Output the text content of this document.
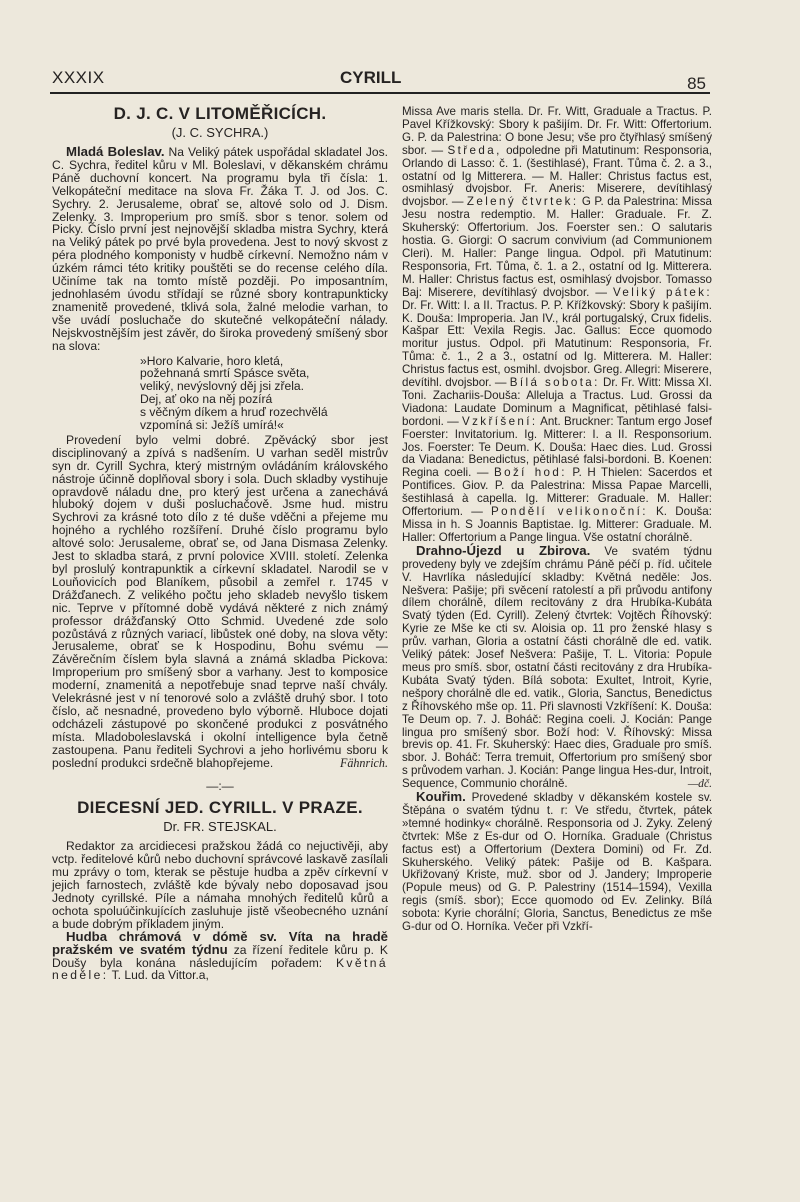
XXXIX	CYRILL	85
D. J. C. V LITOMĚŘICÍCH.
(J. C. SYCHRA.)

Mladá Boleslav. Na Veliký pátek uspořádal skladatel Jos. C. Sychra, ředitel kůru v Ml. Boleslavi, v děkanském chrámu Páně duchovní koncert. Na programu byla tři čísla: 1. Velkopáteční meditace na slova Fr. Žáka T. J. od Jos. C. Sychry. 2. Jerusaleme, obrať se, altové solo od J. Dism. Zelenky. 3. Improperium pro smíš. sbor s tenor. solem od Picky. Číslo první jest nejnovější skladba mistra Sychry, která na Veliký pátek po prvé byla provedena. Jest to nový skvost z péra plodného komponisty v hudbě církevní. Nemožno nám v úzkém rámci této kritiky pouštěti se do recense celého díla. Učiníme tak na tomto místě později. Po imposantním, jednohlasém úvodu střídají se různé sbory kontrapunkticky znamenitě provedené, tklivá sola, žalné melodie varhan, to vše uvádí posluchače do skutečné velkopáteční nálady. Nejskvostnějším jest závěr, do široka provedený smíšený sbor na slova:

»Horo Kalvarie, horo kletá,
požehnaná smrtí Spásce světa,
veliký, nevýslovný děj jsi zřela.
Dej, ať oko na něj pozírá
s věčným díkem a hruď rozechvělá
vzpomíná si: Ježíš umírá!«

Provedení bylo velmi dobré. Zpěvácký sbor jest disciplinovaný a zpívá s nadšením. U varhan seděl mistrův syn dr. Cyrill Sychra, který mistrným ovládáním královského nástroje účinně doplňoval sbory i sola. Duch skladby vystihuje opravdově náladu dne, pro který jest určena a zanechává hluboký dojem v duši posluchačově. Jsme hud. mistru Sychrovi za krásné toto dílo z té duše vděčni a přejeme mu hojného a rychlého rozšíření. Druhé číslo programu bylo altové solo: Jerusaleme, obrať se, od Jana Dismasa Zelenky. Jest to skladba stará, z první polovice XVIII. století. Zelenka byl proslulý kontrapunktik a církevní skladatel. Narodil se v Louňovicích pod Blaníkem, působil a zemřel r. 1745 v Drážďanech. Z velikého počtu jeho skladeb nevyšlo tiskem nic. Teprve v přítomné době vydává některé z nich známý professor drážďanský Otto Schmid. Uvedené zde solo pozůstává z různých variací, libůstek oné doby, na slova věty: Jerusaleme, obrať se k Hospodinu, Bohu svému — Závěrečním číslem byla slavná a známá skladba Pickova: Improperium pro smíšený sbor a varhany. Jest to komposice moderní, znamenitá a nepotřebuje snad teprve naší chvály. Velekrásné jest v ní tenorové solo a zvláště druhý sbor. I toto číslo, ač nesnadné, provedeno bylo výborně. Hluboce dojati odcházeli zástupové po skončené produkci z posvátného místa. Mladoboleslavská i okolní intelligence byla četně zastoupena. Panu řediteli Sychrovi a jeho horlivému sboru k poslední produkci srdečně blahopřejeme.	Fähnrich.

—:—
DIECESNÍ JED. CYRILL. V PRAZE.
Dr. FR. STEJSKAL.

Redaktor za arcidiecesi pražskou žádá co nejuctivěji, aby vctp. ředitelové kůrů nebo duchovní správcové laskavě zasílali mu zprávy o tom, kterak se pěstuje hudba a zpěv církevní v jejich farnostech, zvláště kde bývaly nebo doposavad jsou Jednoty cyrillské. Píle a námaha mnohých ředitelů kůrů a ochota spoluúčinkujících zasluhuje jistě všeobecného uznání a bude dobrým příkladem jiným.

Hudba chrámová v dómě sv. Víta na hradě pražském ve svatém týdnu za řízení ředitele kůru p. K Doušy byla konána následujícím pořadem: Květná neděle: T. Lud. da Vittor.a,

Missa Ave maris stella. Dr. Fr. Witt, Graduale a Tractus. P. Pavel Křížkovský: Sbory k pašijím. Dr. Fr. Witt: Offertorium. G. P. da Palestrina: O bone Jesu; vše pro čtyřhlasý smíšený sbor. — Středa, odpoledne při Matutinum: Responsoria, Orlando di Lasso: č. 1. (šestihlasé), Frant. Tůma č. 2. a 3., ostatní od Ig Mitterera. — M. Haller: Christus factus est, osmihlasý dvojsbor. Fr. Aneris: Miserere, devítihlasý dvojsbor. — Zelený čtvrtek: G P. da Palestrina: Missa Jesu nostra redemptio. M. Haller: Graduale. Fr. Z. Skuherský: Offertorium. Jos. Foerster sen.: O salutaris hostia. G. Giorgi: O sacrum convivium (ad Communionem Cleri). M. Haller: Pange lingua. Odpol. při Matutinum: Responsoria, Frt. Tůma, č. 1. a 2., ostatní od Ig. Mitterera. M. Haller: Christus factus est, osmihlasý dvojsbor. Tomasso Baj: Miserere, devítihlasý dvojsbor. — Veliký pátek: Dr. Fr. Witt: I. a II. Tractus. P. P. Křížkovský: Sbory k pašijím. K. Douša: Improperia. Jan IV., král portugalský, Crux fidelis. Kašpar Ett: Vexila Regis. Jac. Gallus: Ecce quomodo moritur justus. Odpol. při Matutinum: Responsoria, Fr. Tůma: č. 1., 2 a 3., ostatní od Ig. Mitterera. M. Haller: Christus factus est, osmihl. dvojsbor. Greg. Allegri: Miserere, devítihl. dvojsbor. — Bílá sobota: Dr. Fr. Witt: Missa XI. Toni. Zachariis-Douša: Alleluja a Tractus. Lud. Grossi da Viadona: Laudate Dominum a Magnificat, pětihlasé falsi-bordoni. — Vzkříšení: Ant. Bruckner: Tantum ergo Josef Foerster: Invitatorium. Ig. Mitterer: I. a II. Responsorium. Jos. Foerster: Te Deum. K. Douša: Haec dies. Lud. Grossi da Viadana: Benedictus, pětihlasé falsi-bordoni. B. Koenen: Regina coeli. — Boží hod: P. H Thielen: Sacerdos et Pontifices. Giov. P. da Palestrina: Missa Papae Marcelli, šestihlasá à capella. Ig. Mitterer: Graduale. M. Haller: Offertorium. — Pondělí velikonoční: K. Douša: Missa in h. S Joannis Baptistae. Ig. Mitterer: Graduale. M. Haller: Offertorium a Pange lingua. Vše ostatní chorálně.

Drahno-Újezd u Zbirova. Ve svatém týdnu provedeny byly ve zdejším chrámu Páně péčí p. říd. učitele V. Havrlíka následující skladby: Květná neděle: Jos. Nešvera: Pašije; při svěcení ratolestí a při průvodu antifony dílem chorálně, dílem recitovány z dra Hrubíka-Kubáta Svatý týden (Ed. Cyrill). Zelený čtvrtek: Vojtěch Říhovský: Kyrie ze Mše ke cti sv. Aloisia op. 11 pro ženské hlasy s prův. varhan, Gloria a ostatní části chorálně dle ed. vatik. Veliký pátek: Josef Nešvera: Pašije, T. L. Vitoria: Popule meus pro smíš. sbor, ostatní části recitovány z dra Hrubíka-Kubáta Svatý týden. Bílá sobota: Exultet, Introit, Kyrie, nešpory chorálně dle ed. vatik., Gloria, Sanctus, Benedictus z Říhovského mše op. 11. Při slavnosti Vzkříšení: K. Douša: Te Deum op. 7. J. Boháč: Regina coeli. J. Kocián: Pange lingua pro smíšený sbor. Boží hod: V. Říhovský: Missa brevis op. 41. Fr. Skuherský: Haec dies, Graduale pro smíš. sbor. J. Boháč: Terra tremuit, Offertorium pro smíšený sbor s průvodem varhan. J. Kocián: Pange lingua Hes-dur, Introit, Sequence, Communio chorálně.	—dč.

Kouřim. Provedené skladby v děkanském kostele sv. Štěpána o svatém týdnu t. r: Ve středu, čtvrtek, pátek »temné hodinky« chorálně. Responsoria od J. Zyky. Zelený čtvrtek: Mše z Es-dur od O. Horníka. Graduale (Christus factus est) a Offertorium (Dextera Domini) od Fr. Zd. Skuherského. Veliký pátek: Pašije od B. Kašpara. Ukřižovaný Kriste, muž. sbor od J. Jandery; Improperie (Popule meus) od G. P. Palestriny (1514–1594), Vexilla regis (smíš. sbor); Ecce quomodo od Ev. Zelinky. Bílá sobota: Kyrie chorální; Gloria, Sanctus, Benedictus ze mše G-dur od O. Horníka. Večer při Vzkří-
